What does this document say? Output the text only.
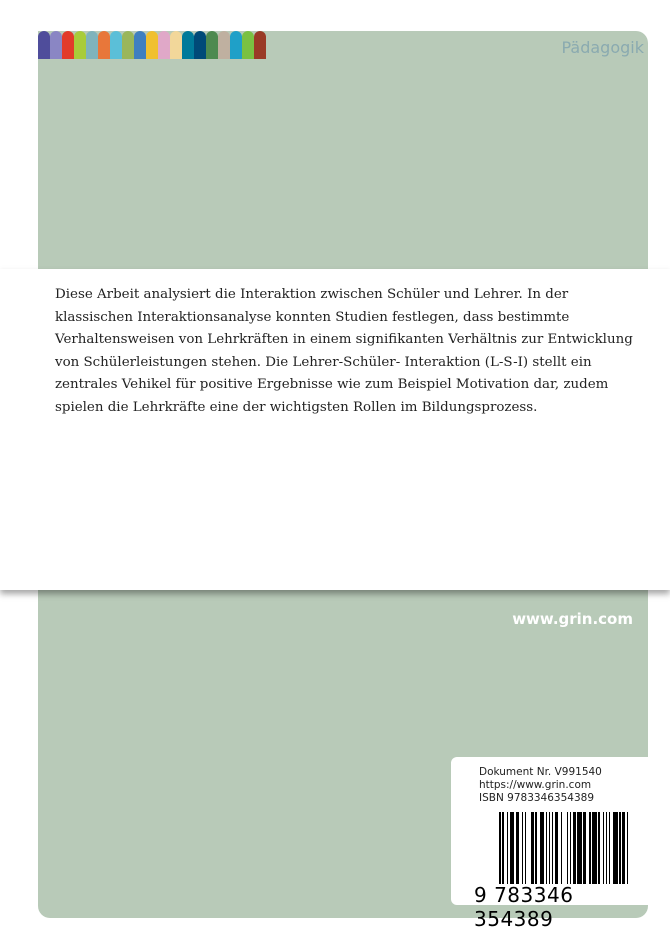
Pädagogik
Diese Arbeit analysiert die Interaktion zwischen Schüler und Lehrer. In der klassischen Interaktionsanalyse konnten Studien festlegen, dass bestimmte Verhaltensweisen von Lehrkräften in einem signifikanten Verhältnis zur Entwicklung von Schülerleistungen stehen. Die Lehrer-Schüler- Interaktion (L-S-I) stellt ein zentrales Vehikel für positive Ergebnisse wie zum Beispiel Motivation dar, zudem spielen die Lehrkräfte eine der wichtigsten Rollen im Bildungsprozess.
www.grin.com
Dokument Nr. V991540
https://www.grin.com
ISBN 9783346354389
9 783346 354389
